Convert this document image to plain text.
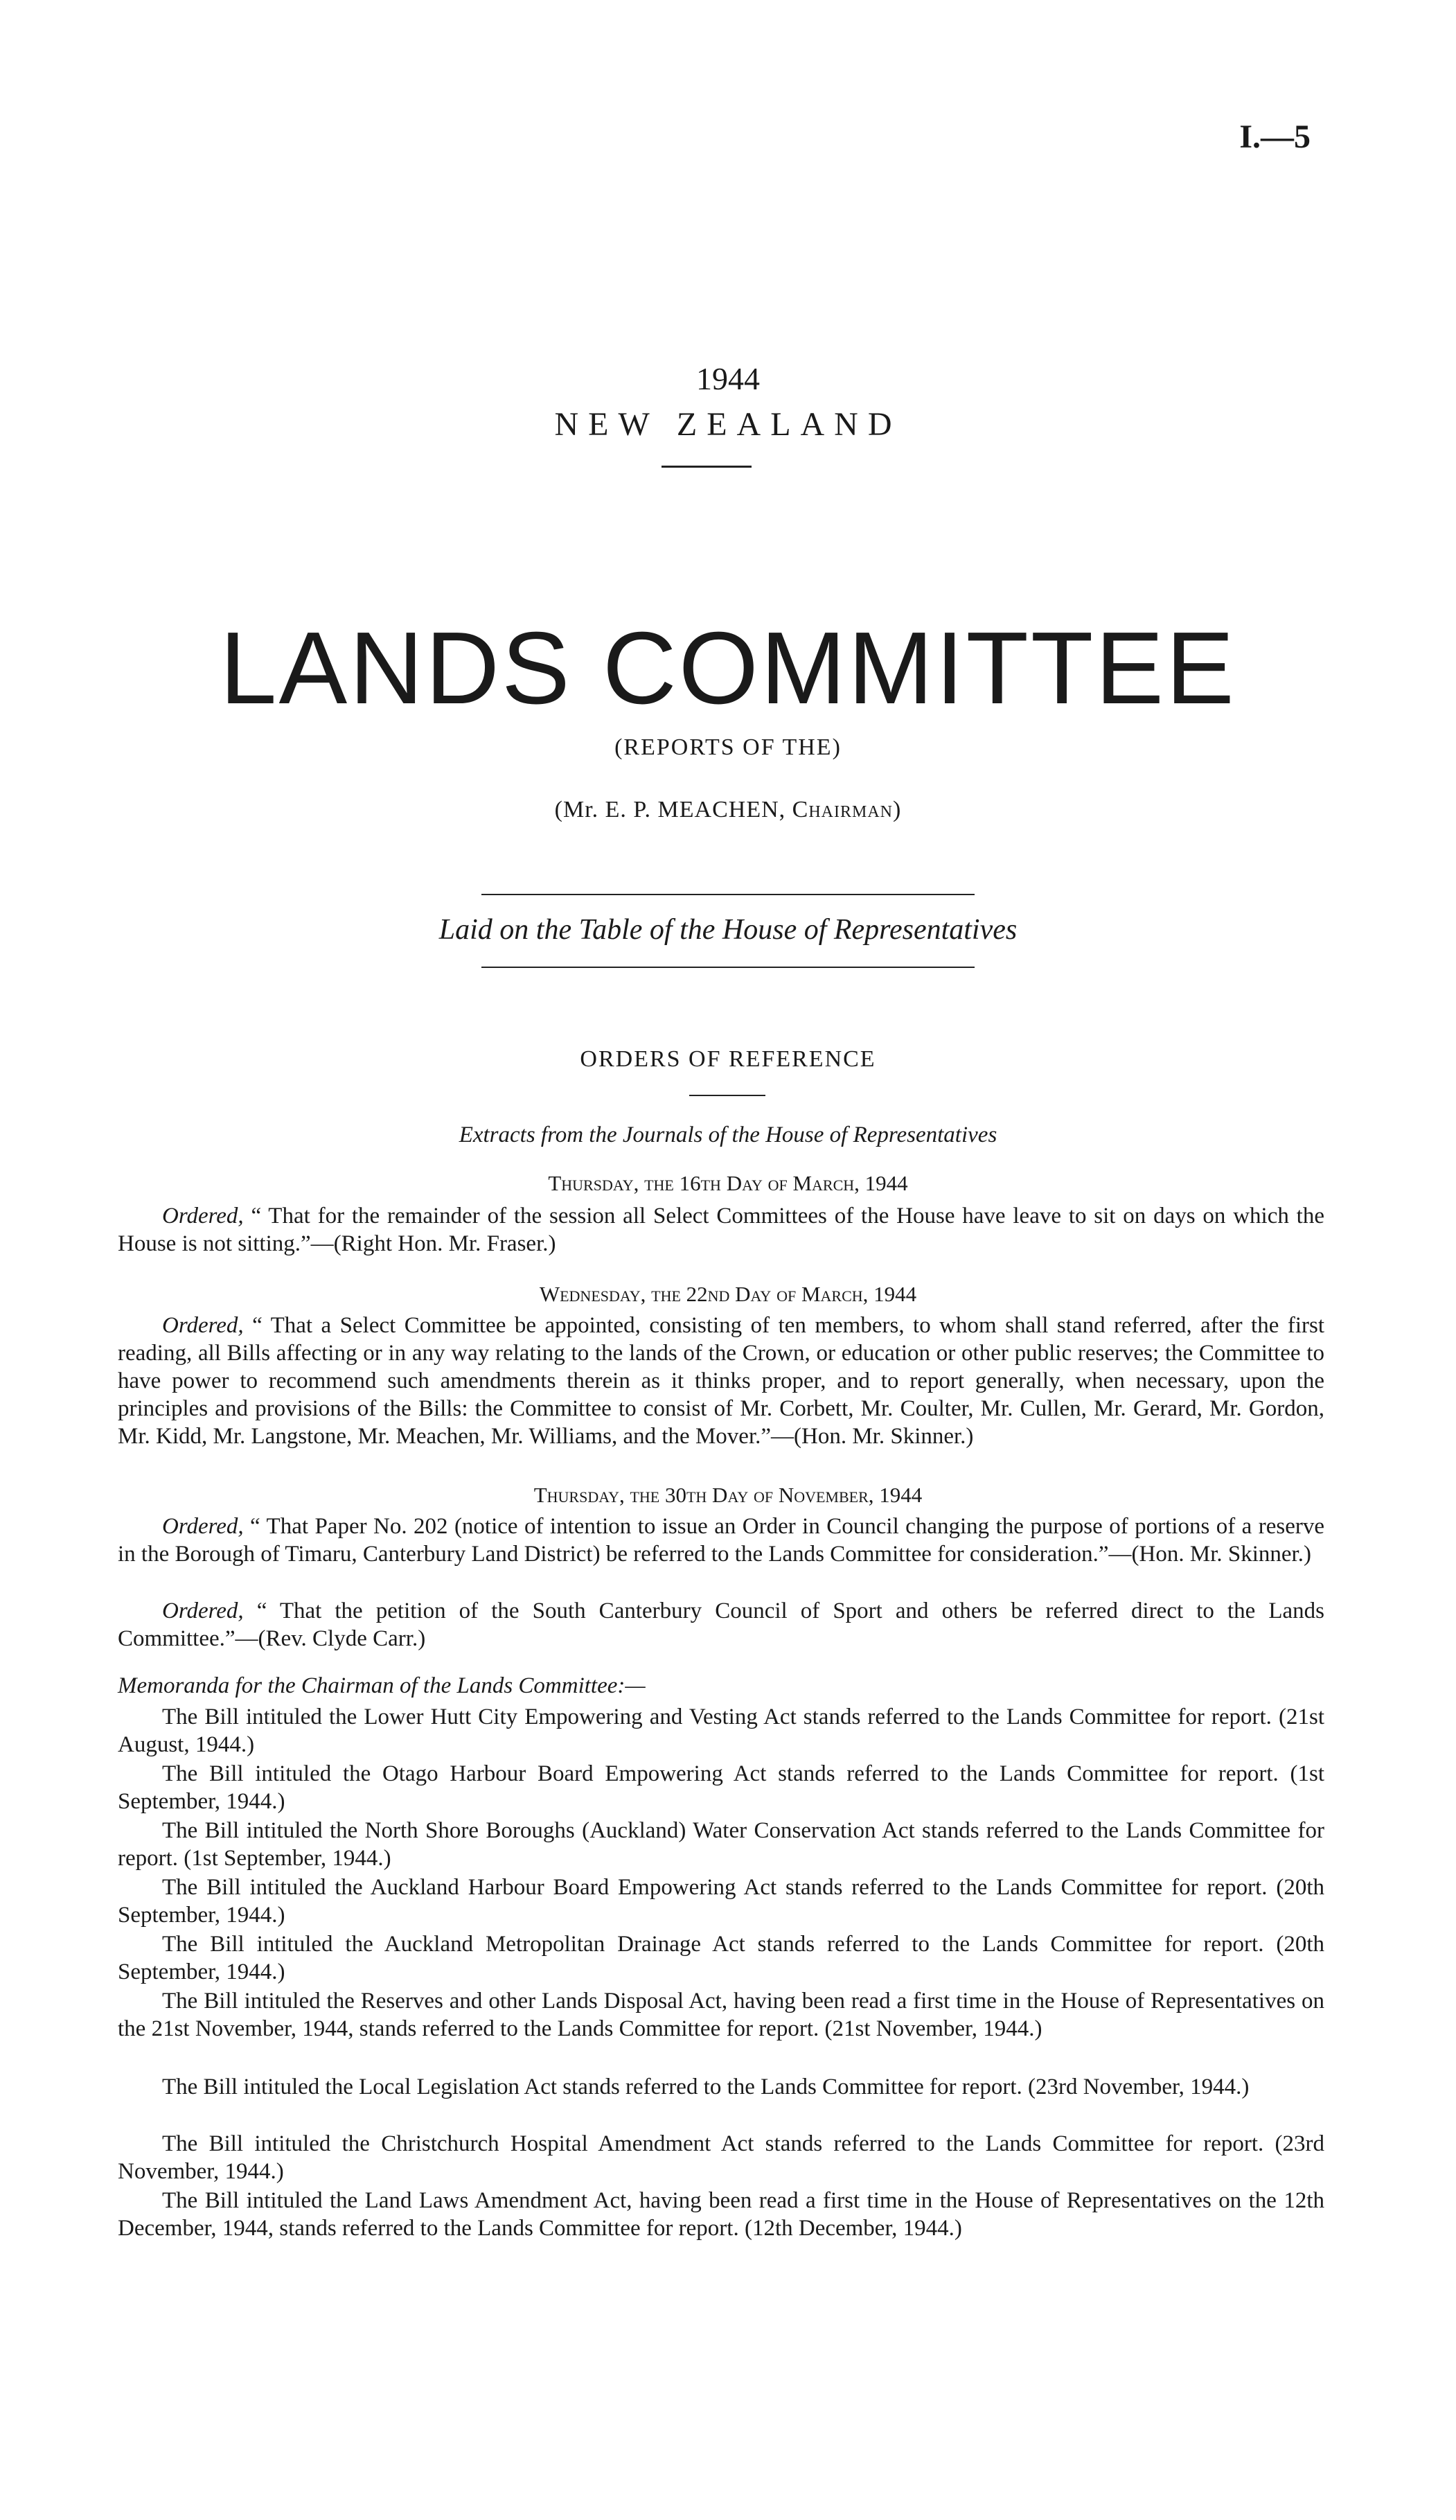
I.—5
1944
NEW ZEALAND
LANDS COMMITTEE
(REPORTS OF THE)
(Mr. E. P. MEACHEN, Chairman)
Laid on the Table of the House of Representatives
ORDERS OF REFERENCE
Extracts from the Journals of the House of Representatives
Thursday, the 16th Day of March, 1944

Ordered, “ That for the remainder of the session all Select Committees of the House have leave to sit on days on which the House is not sitting.”—(Right Hon. Mr. Fraser.)

Wednesday, the 22nd Day of March, 1944

Ordered, “ That a Select Committee be appointed, consisting of ten members, to whom shall stand referred, after the first reading, all Bills affecting or in any way relating to the lands of the Crown, or education or other public reserves; the Committee to have power to recommend such amendments therein as it thinks proper, and to report generally, when necessary, upon the principles and provisions of the Bills: the Committee to consist of Mr. Corbett, Mr. Coulter, Mr. Cullen, Mr. Gerard, Mr. Gordon, Mr. Kidd, Mr. Langstone, Mr. Meachen, Mr. Williams, and the Mover.”—(Hon. Mr. Skinner.)

Thursday, the 30th Day of November, 1944

Ordered, “ That Paper No. 202 (notice of intention to issue an Order in Council changing the purpose of portions of a reserve in the Borough of Timaru, Canterbury Land District) be referred to the Lands Committee for consideration.”—(Hon. Mr. Skinner.)

Ordered, “ That the petition of the South Canterbury Council of Sport and others be referred direct to the Lands Committee.”—(Rev. Clyde Carr.)

Memoranda for the Chairman of the Lands Committee:—

The Bill intituled the Lower Hutt City Empowering and Vesting Act stands referred to the Lands Committee for report. (21st August, 1944.)

The Bill intituled the Otago Harbour Board Empowering Act stands referred to the Lands Committee for report. (1st September, 1944.)

The Bill intituled the North Shore Boroughs (Auckland) Water Conservation Act stands referred to the Lands Committee for report. (1st September, 1944.)

The Bill intituled the Auckland Harbour Board Empowering Act stands referred to the Lands Committee for report. (20th September, 1944.)

The Bill intituled the Auckland Metropolitan Drainage Act stands referred to the Lands Committee for report. (20th September, 1944.)

The Bill intituled the Reserves and other Lands Disposal Act, having been read a first time in the House of Representatives on the 21st November, 1944, stands referred to the Lands Committee for report. (21st November, 1944.)

The Bill intituled the Local Legislation Act stands referred to the Lands Committee for report. (23rd November, 1944.)

The Bill intituled the Christchurch Hospital Amendment Act stands referred to the Lands Committee for report. (23rd November, 1944.)

The Bill intituled the Land Laws Amendment Act, having been read a first time in the House of Representatives on the 12th December, 1944, stands referred to the Lands Committee for report. (12th December, 1944.)
